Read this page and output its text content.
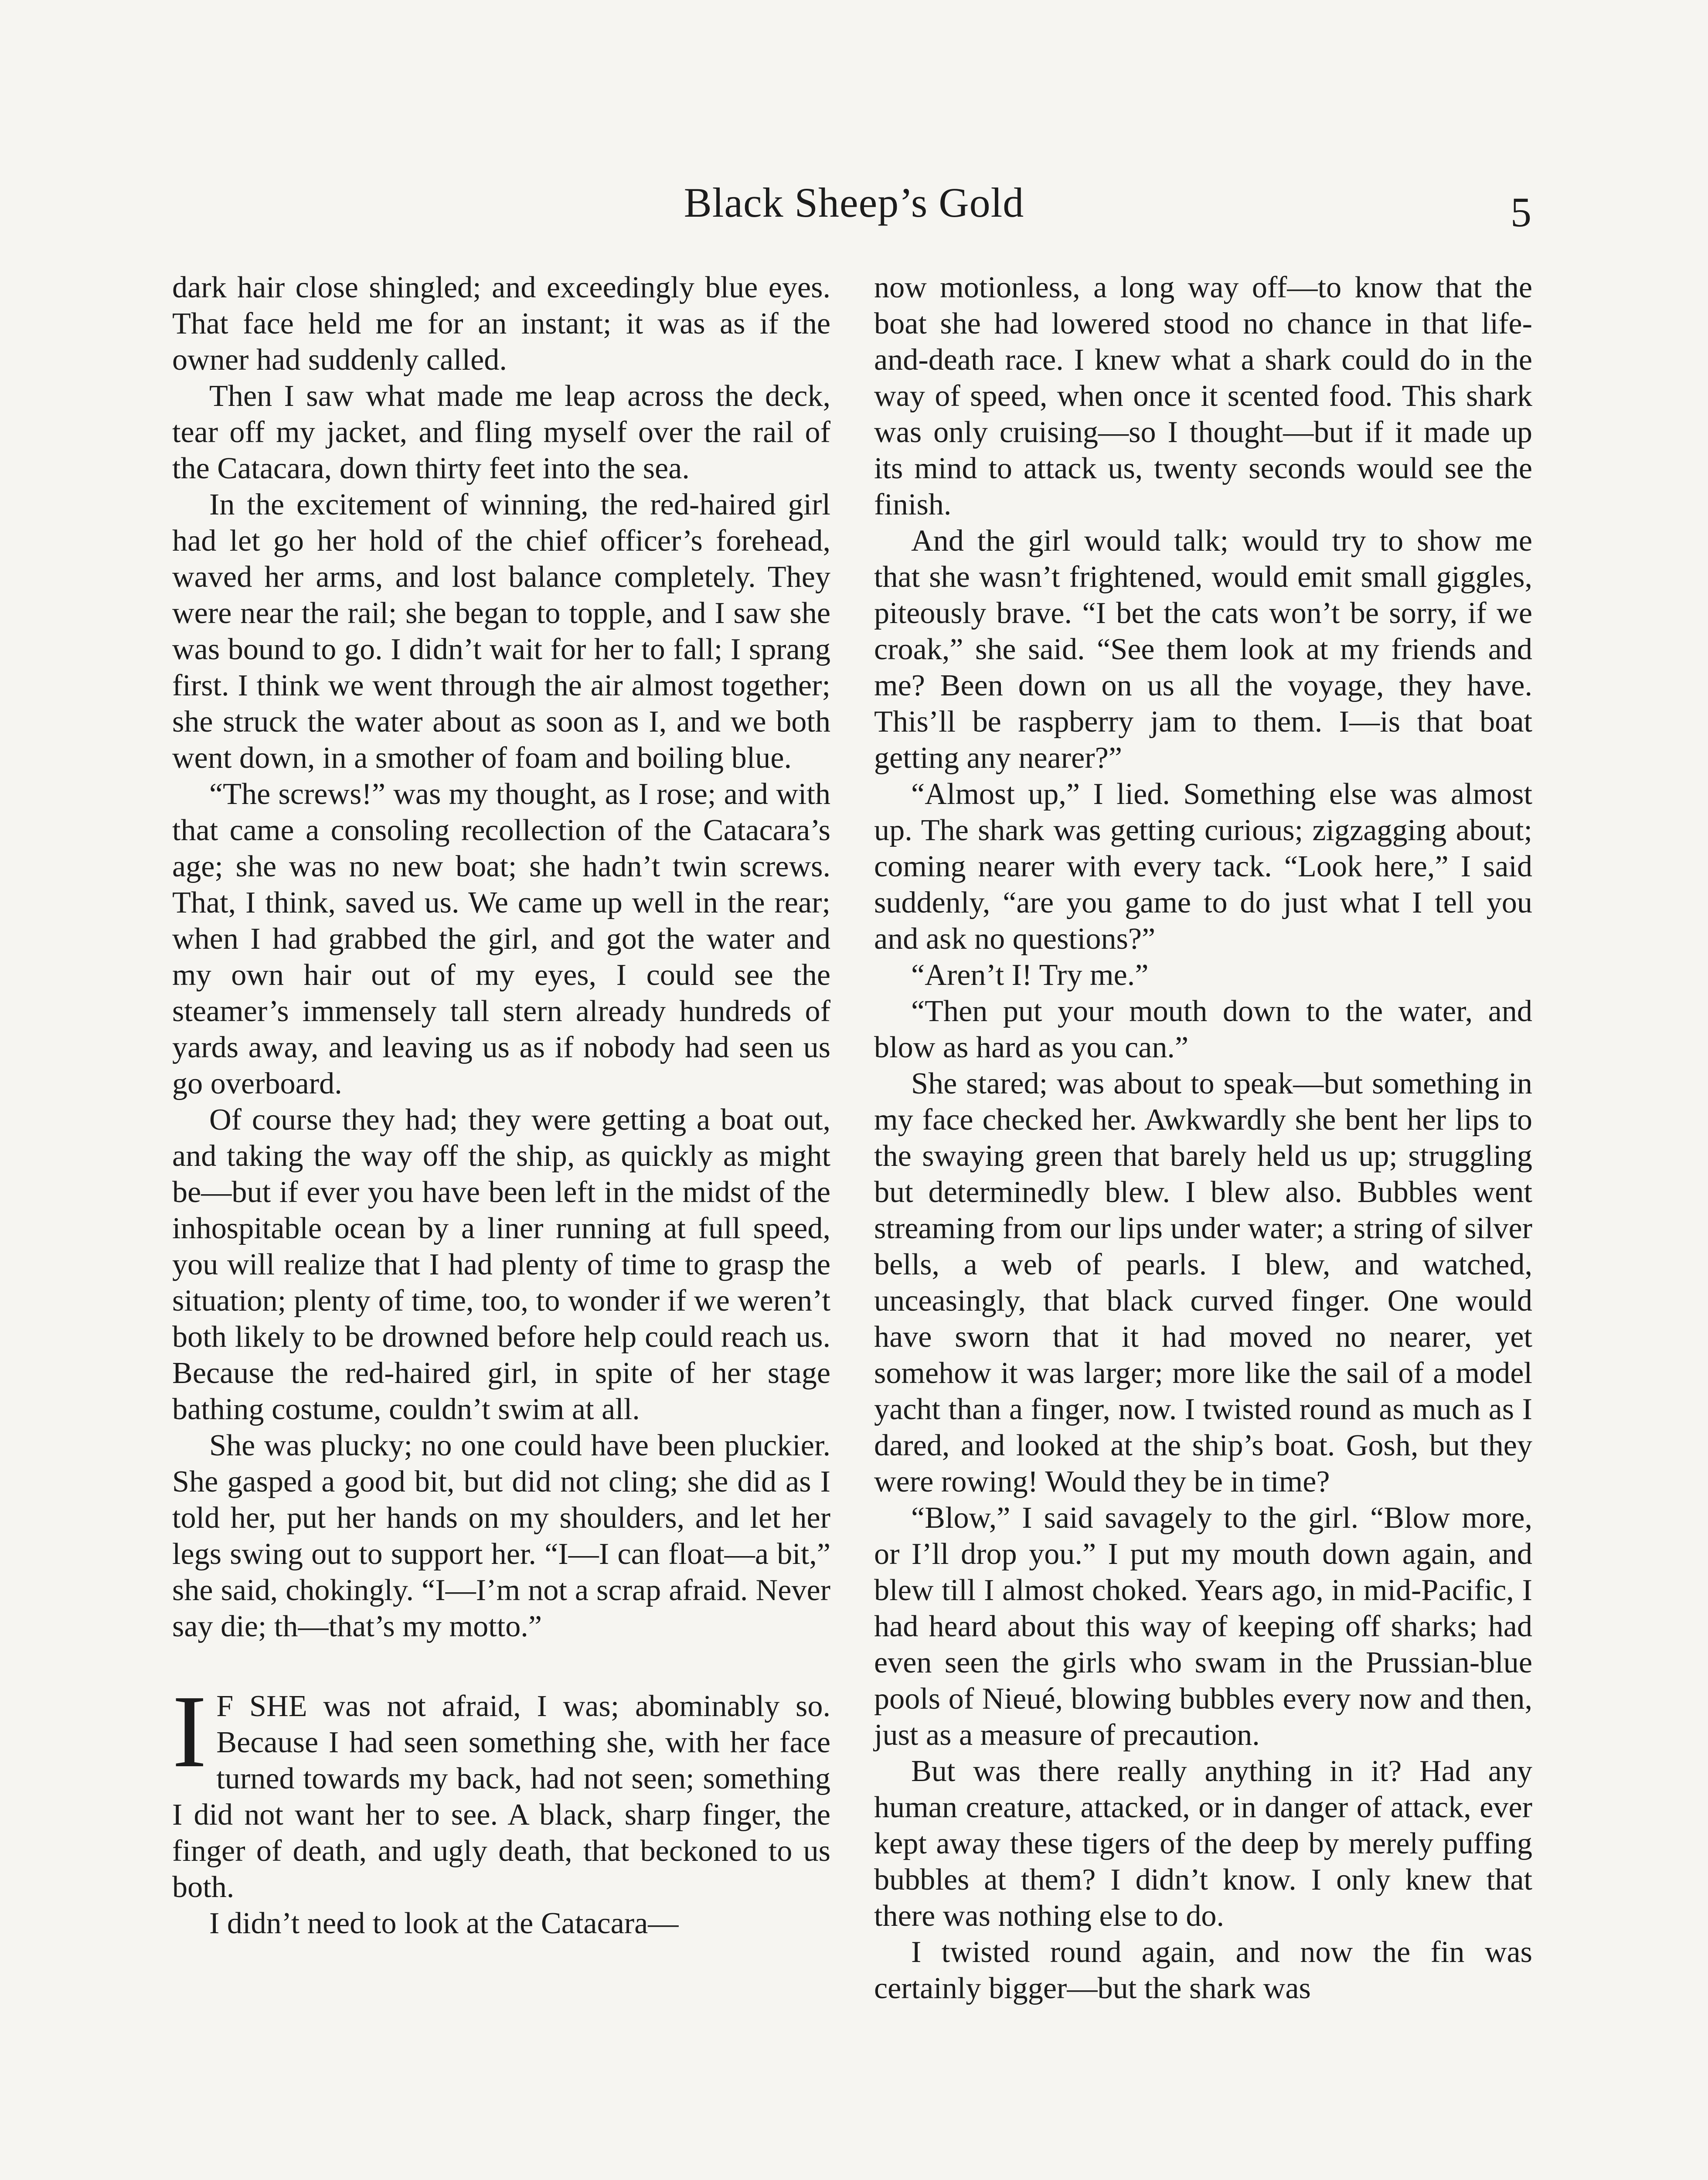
Black Sheep’s Gold	5

dark hair close shingled; and exceedingly blue eyes. That face held me for an instant; it was as if the owner had suddenly called.

Then I saw what made me leap across the deck, tear off my jacket, and fling myself over the rail of the Catacara, down thirty feet into the sea.

In the excitement of winning, the red-haired girl had let go her hold of the chief officer’s forehead, waved her arms, and lost balance completely. They were near the rail; she began to topple, and I saw she was bound to go. I didn’t wait for her to fall; I sprang first. I think we went through the air almost together; she struck the water about as soon as I, and we both went down, in a smother of foam and boiling blue.

“The screws!” was my thought, as I rose; and with that came a consoling recollection of the Catacara’s age; she was no new boat; she hadn’t twin screws. That, I think, saved us. We came up well in the rear; when I had grabbed the girl, and got the water and my own hair out of my eyes, I could see the steamer’s immensely tall stern already hundreds of yards away, and leaving us as if nobody had seen us go overboard.

Of course they had; they were getting a boat out, and taking the way off the ship, as quickly as might be—but if ever you have been left in the midst of the inhospitable ocean by a liner running at full speed, you will realize that I had plenty of time to grasp the situation; plenty of time, too, to wonder if we weren’t both likely to be drowned before help could reach us. Because the red-haired girl, in spite of her stage bathing costume, couldn’t swim at all.

She was plucky; no one could have been pluckier. She gasped a good bit, but did not cling; she did as I told her, put her hands on my shoulders, and let her legs swing out to support her. “I—I can float—a bit,” she said, chokingly. “I—I’m not a scrap afraid. Never say die; th—that’s my motto.”

I F SHE was not afraid, I was; abominably so. Because I had seen something she, with her face turned towards my back, had not seen; something I did not want her to see. A black, sharp finger, the finger of death, and ugly death, that beckoned to us both.

I didn’t need to look at the Catacara—

now motionless, a long way off—to know that the boat she had lowered stood no chance in that life-and-death race. I knew what a shark could do in the way of speed, when once it scented food. This shark was only cruising—so I thought—but if it made up its mind to attack us, twenty seconds would see the finish.

And the girl would talk; would try to show me that she wasn’t frightened, would emit small giggles, piteously brave. “I bet the cats won’t be sorry, if we croak,” she said. “See them look at my friends and me? Been down on us all the voyage, they have. This’ll be raspberry jam to them. I—is that boat getting any nearer?”

“Almost up,” I lied. Something else was almost up. The shark was getting curious; zigzagging about; coming nearer with every tack. “Look here,” I said suddenly, “are you game to do just what I tell you and ask no questions?”

“Aren’t I! Try me.”

“Then put your mouth down to the water, and blow as hard as you can.”

She stared; was about to speak—but something in my face checked her. Awkwardly she bent her lips to the swaying green that barely held us up; struggling but determinedly blew. I blew also. Bubbles went streaming from our lips under water; a string of silver bells, a web of pearls. I blew, and watched, unceasingly, that black curved finger. One would have sworn that it had moved no nearer, yet somehow it was larger; more like the sail of a model yacht than a finger, now. I twisted round as much as I dared, and looked at the ship’s boat. Gosh, but they were rowing! Would they be in time?

“Blow,” I said savagely to the girl. “Blow more, or I’ll drop you.” I put my mouth down again, and blew till I almost choked. Years ago, in mid-Pacific, I had heard about this way of keeping off sharks; had even seen the girls who swam in the Prussian-blue pools of Nieué, blowing bubbles every now and then, just as a measure of precaution.

But was there really anything in it? Had any human creature, attacked, or in danger of attack, ever kept away these tigers of the deep by merely puffing bubbles at them? I didn’t know. I only knew that there was nothing else to do.

I twisted round again, and now the fin was certainly bigger—but the shark was
